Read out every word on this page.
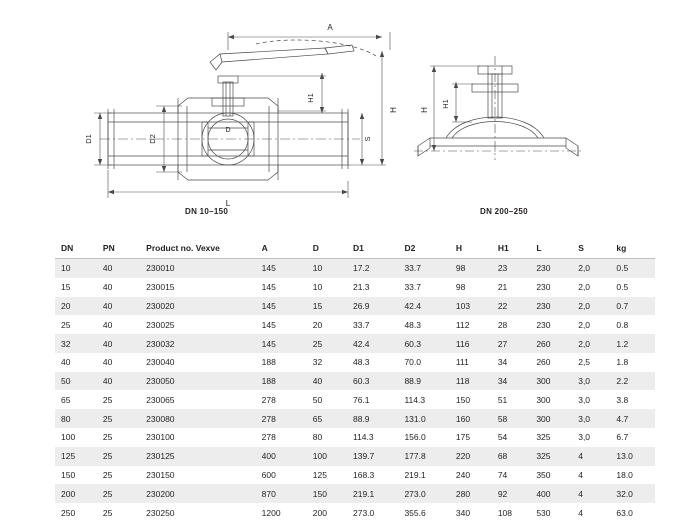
A
H
H1
D1	D2
D
L
S
DN 10–150
H
H1
DN 200–250
DN	PN	Product no. Vexve	A	D	D1	D2	H	H1	L	S	kg
10	40	230010	145	10	17.2	33.7	98	23	230	2,0	0.5
15	40	230015	145	10	21.3	33.7	98	21	230	2,0	0.5
20	40	230020	145	15	26.9	42.4	103	22	230	2,0	0.7
25	40	230025	145	20	33.7	48.3	112	28	230	2,0	0.8
32	40	230032	145	25	42.4	60.3	116	27	260	2,0	1.2
40	40	230040	188	32	48.3	70.0	111	34	260	2,5	1.8
50	40	230050	188	40	60.3	88.9	118	34	300	3,0	2.2
65	25	230065	278	50	76.1	114.3	150	51	300	3,0	3.8
80	25	230080	278	65	88.9	131.0	160	58	300	3,0	4.7
100	25	230100	278	80	114.3	156.0	175	54	325	3,0	6.7
125	25	230125	400	100	139.7	177.8	220	68	325	4	13.0
150	25	230150	600	125	168.3	219.1	240	74	350	4	18.0
200	25	230200	870	150	219.1	273.0	280	92	400	4	32.0
250	25	230250	1200	200	273.0	355.6	340	108	530	4	63.0
